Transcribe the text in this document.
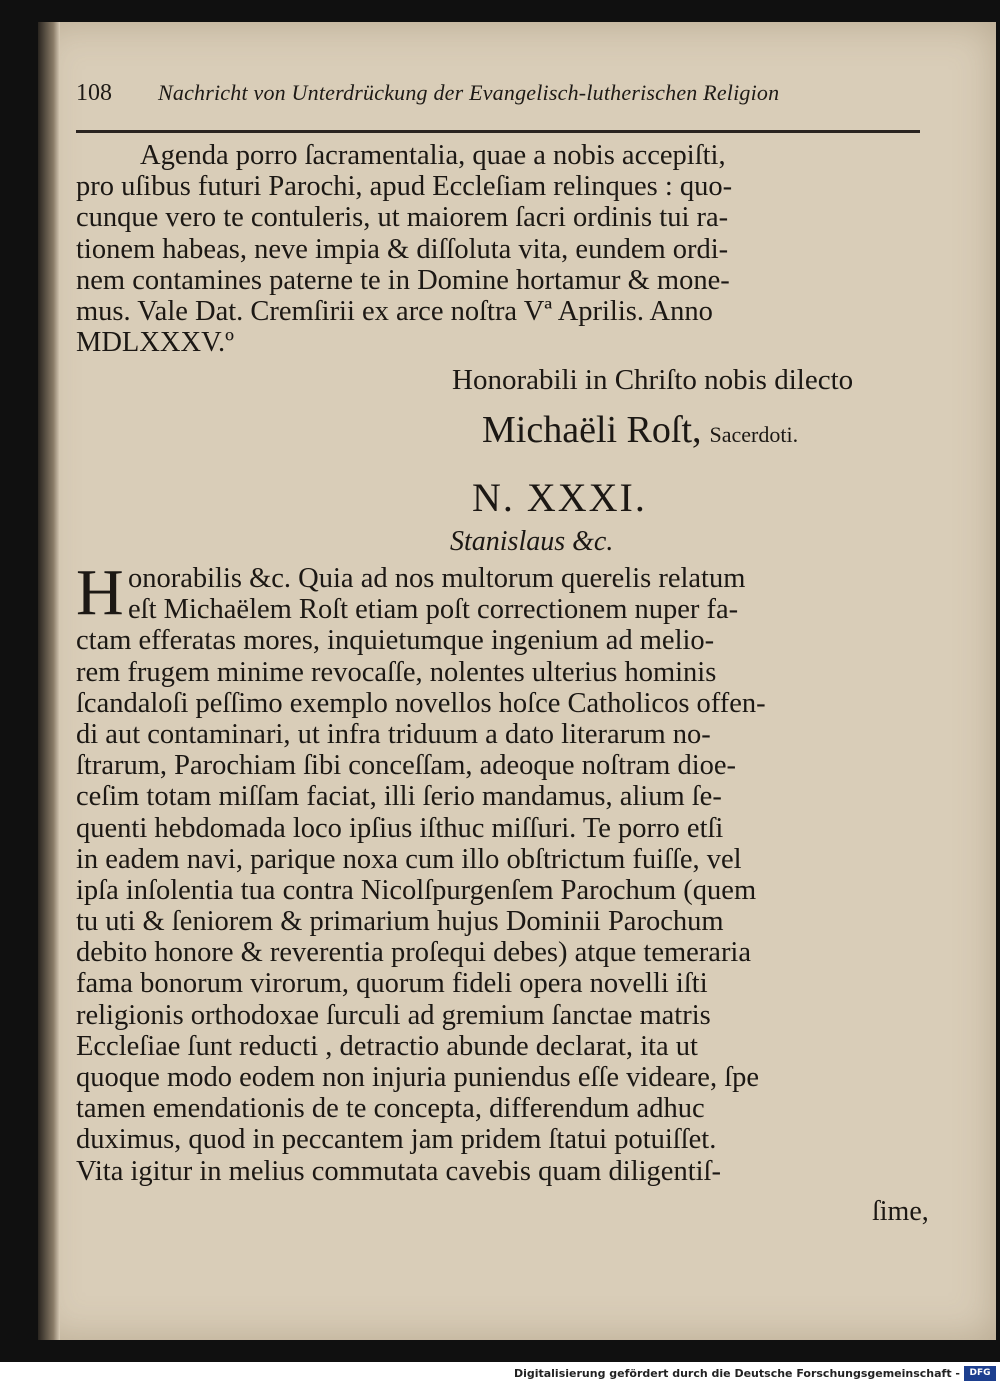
108 Nachricht von Unterdrückung der Evangelisch-lutherischen Religion
Agenda porro ſacramentalia, quae a nobis accepiſti,
pro uſibus futuri Parochi, apud Eccleſiam relinques : quo-
cunque vero te contuleris, ut maiorem ſacri ordinis tui ra-
tionem habeas, neve impia & diſſoluta vita, eundem ordi-
nem contamines paterne te in Domine hortamur & mone-
mus. Vale Dat. Cremſirii ex arce noſtra Vª Aprilis. Anno
MDLXXXV.º
Honorabili in Chriſto nobis dilecto
Michaëli Roſt, Sacerdoti.
N. XXXI.
Stanislaus &c.
H onorabilis &c. Quia ad nos multorum querelis relatum
eſt Michaëlem Roſt etiam poſt correctionem nuper fa-
ctam efferatas mores, inquietumque ingenium ad melio-
rem frugem minime revocaſſe, nolentes ulterius hominis
ſcandaloſi peſſimo exemplo novellos hoſce Catholicos offen-
di aut contaminari, ut infra triduum a dato literarum no-
ſtrarum, Parochiam ſibi conceſſam, adeoque noſtram dioe-
ceſim totam miſſam faciat, illi ſerio mandamus, alium ſe-
quenti hebdomada loco ipſius iſthuc miſſuri. Te porro etſi
in eadem navi, parique noxa cum illo obſtrictum fuiſſe, vel
ipſa inſolentia tua contra Nicolſpurgenſem Parochum (quem
tu uti & ſeniorem & primarium hujus Dominii Parochum
debito honore & reverentia proſequi debes) atque temeraria
fama bonorum virorum, quorum fideli opera novelli iſti
religionis orthodoxae ſurculi ad gremium ſanctae matris
Eccleſiae ſunt reducti , detractio abunde declarat, ita ut
quoque modo eodem non injuria puniendus eſſe videare, ſpe
tamen emendationis de te concepta, differendum adhuc
duximus, quod in peccantem jam pridem ſtatui potuiſſet.
Vita igitur in melius commutata cavebis quam diligentiſ-
ſime,
Digitalisierung gefördert durch die Deutsche Forschungsgemeinschaft -	DFG
